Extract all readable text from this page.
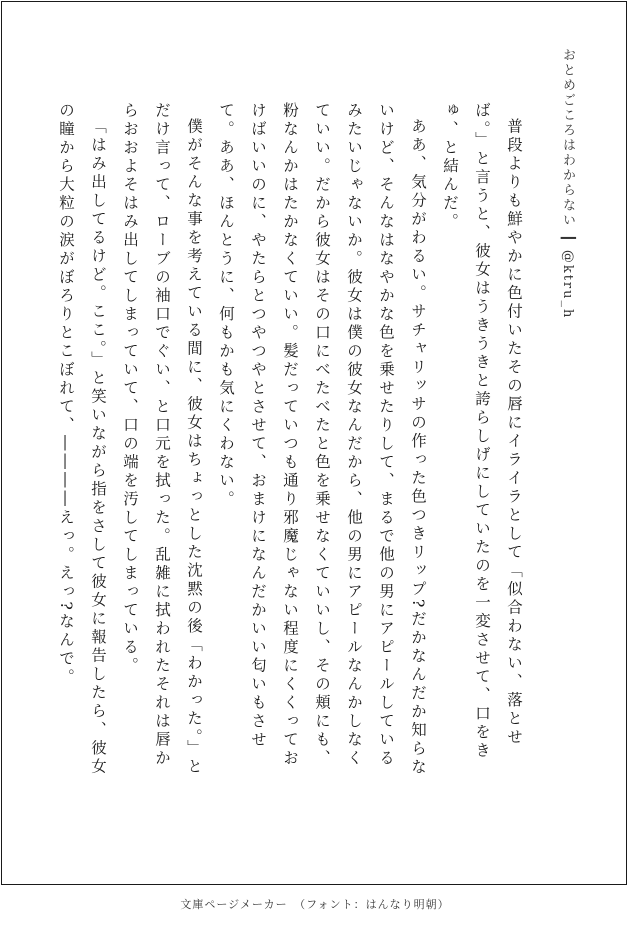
おとめごころはわからない┃@ktru_h

普段よりも鮮やかに色付いたその唇にイライラとして「似合わない、落とせば。」と言うと、彼女はうきうきと誇らしげにしていたのを一変させて、口をきゅ、と結んだ。

ああ、気分がわるい。サチャリッサの作った色つきリップ?だかなんだか知らないけど、そんなはなやかな色を乗せたりして、まるで他の男にアピールしているみたいじゃないか。彼女は僕の彼女なんだから、他の男にアピールなんかしなくていい。だから彼女はその口にべたべたと色を乗せなくていいし、その頬にも、粉なんかはたかなくていい。髪だっていつも通り邪魔じゃない程度にくくっておけばいいのに、やたらとつやつやとさせて、おまけになんだかいい匂いもさせて。ああ、ほんとうに、何もかも気にくわない。

僕がそんな事を考えている間に、彼女はちょっとした沈黙の後「わかった。」とだけ言って、ローブの袖口でぐい、と口元を拭った。乱雑に拭われたそれは唇からおおよそはみ出してしまっていて、口の端を汚してしまっている。

「はみ出してるけど。ここ。」と笑いながら指をさして彼女に報告したら、彼女の瞳から大粒の涙がぼろりとこぼれて、――――えっ。えっ?なんで。

文庫ページメーカー　（フォント：はんなり明朝）
